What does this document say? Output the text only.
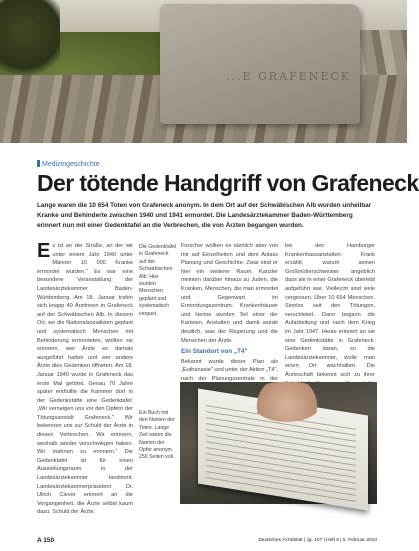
...E GRAFENECK
Foto
Medizingeschichte
Der tötende Handgriff von Grafeneck

Lange waren die 10 654 Toten von Grafeneck anonym. In dem Ort auf der Schwäbischen Alb wurden unheilbar Kranke und Behinderte zwischen 1940 und 1941 ermordet. Die Landesärztekammer Baden-Württemberg erinnert nun mit einer Gedenktafel an die Verbrechen, die von Ärzten begangen wurden.

Es ist an der Straße, an der wir unter einem Jahr 1940 unter Männer 10 000 Kranke ermordet wurden." Es war eine besondere Veranstaltung der Landesärztekammer Baden-Württemberg. Am 18. Januar trafen sich knapp 40 Ärztinnen in Grafeneck auf der Schwäbischen Alb. In diesem Ort, wo die Nationalsozialisten geplant und systematisch Menschen mit Behinderung ermordeten, wollten sie erinnern, wer Ärzte es damals ausgeführt hatten und wer andere Ärzte dies Gedenken öffneten. Am 18. Januar 1940 wurde in Grafeneck das erste Mal getötet. Genau 70 Jahre später enthüllte die Kammer dort in der Gedenkstätte eine Gedenktafel: „Wir verneigen uns vor den Opfern der Tötungsanstalt Grafeneck." Wir bekennen uns zur Schuld der Ärzte in diesen Verbrechen. Wir erinnern, weshalb wieder verschwiegen haben. Wir mahnen zu erinnern." Die Gedenktafel ist für einen Ausstellungsraum in der Landesärztekammer bestimmt. Landesärztekammerpräsident Dr. Ulrich Clever erinnert an die Vergangenheit, die Ärzte selbst kaum dazu. Schuld der Ärzte.
Die Gedenktafel in Grafeneck auf der Schwäbischen Alb: Hier wurden Menschen geplant und systematisch vergast.
Ein Buch mit den Namen der Toten. Lange Zeit waren die Namen der Opfer anonym. 250 Seiten voll.
Forscher wollten es nämlich aber von mir auf Einzelheiten und dem Anlass Planung und Geschichte. Zwar sind er hier ein weiterer Raum. Kanzler meinten darüber hinaus zu Juden, die Kranken, Menschen, die man ermordet und Gegenwart im Ermordungszentrum. Krankenhäuser und Heime wurden Teil einer der Karteien. Anstalten und damit wurde deutlich, was der Regierung und die Menschen der Ärzte.
Ein Standort von „T4"
Bekannt wurde dieser Plan als „Euthanasie" und unter der Aktion „T4", nach der Planungszentrale in der
bei den Hamburger Krankenhausanstalten: Frank erzählt, warum seinen Großmütterschwester angeblich dass sie in einer Grafeneck überlebt aufgeführt war. Vielleicht sind viele vergessen. Über 10 654 Menschen. Sinnlos seit den Tötungen, verschleiert. Dann begann die Aufarbeitung und nach dem Krieg im Jahr 1947. Heute erinnert an sie eine Gedenkstätte in Grafeneck. Gedenken daran, so die Landesärztekammer, wolle man einen Ort wachhalten. Die Ärzteschaft bekennt sich zu ihrer
A 150	Deutsches Ärzteblatt | Jg. 107 | Heft 5 | 5. Februar 2010
